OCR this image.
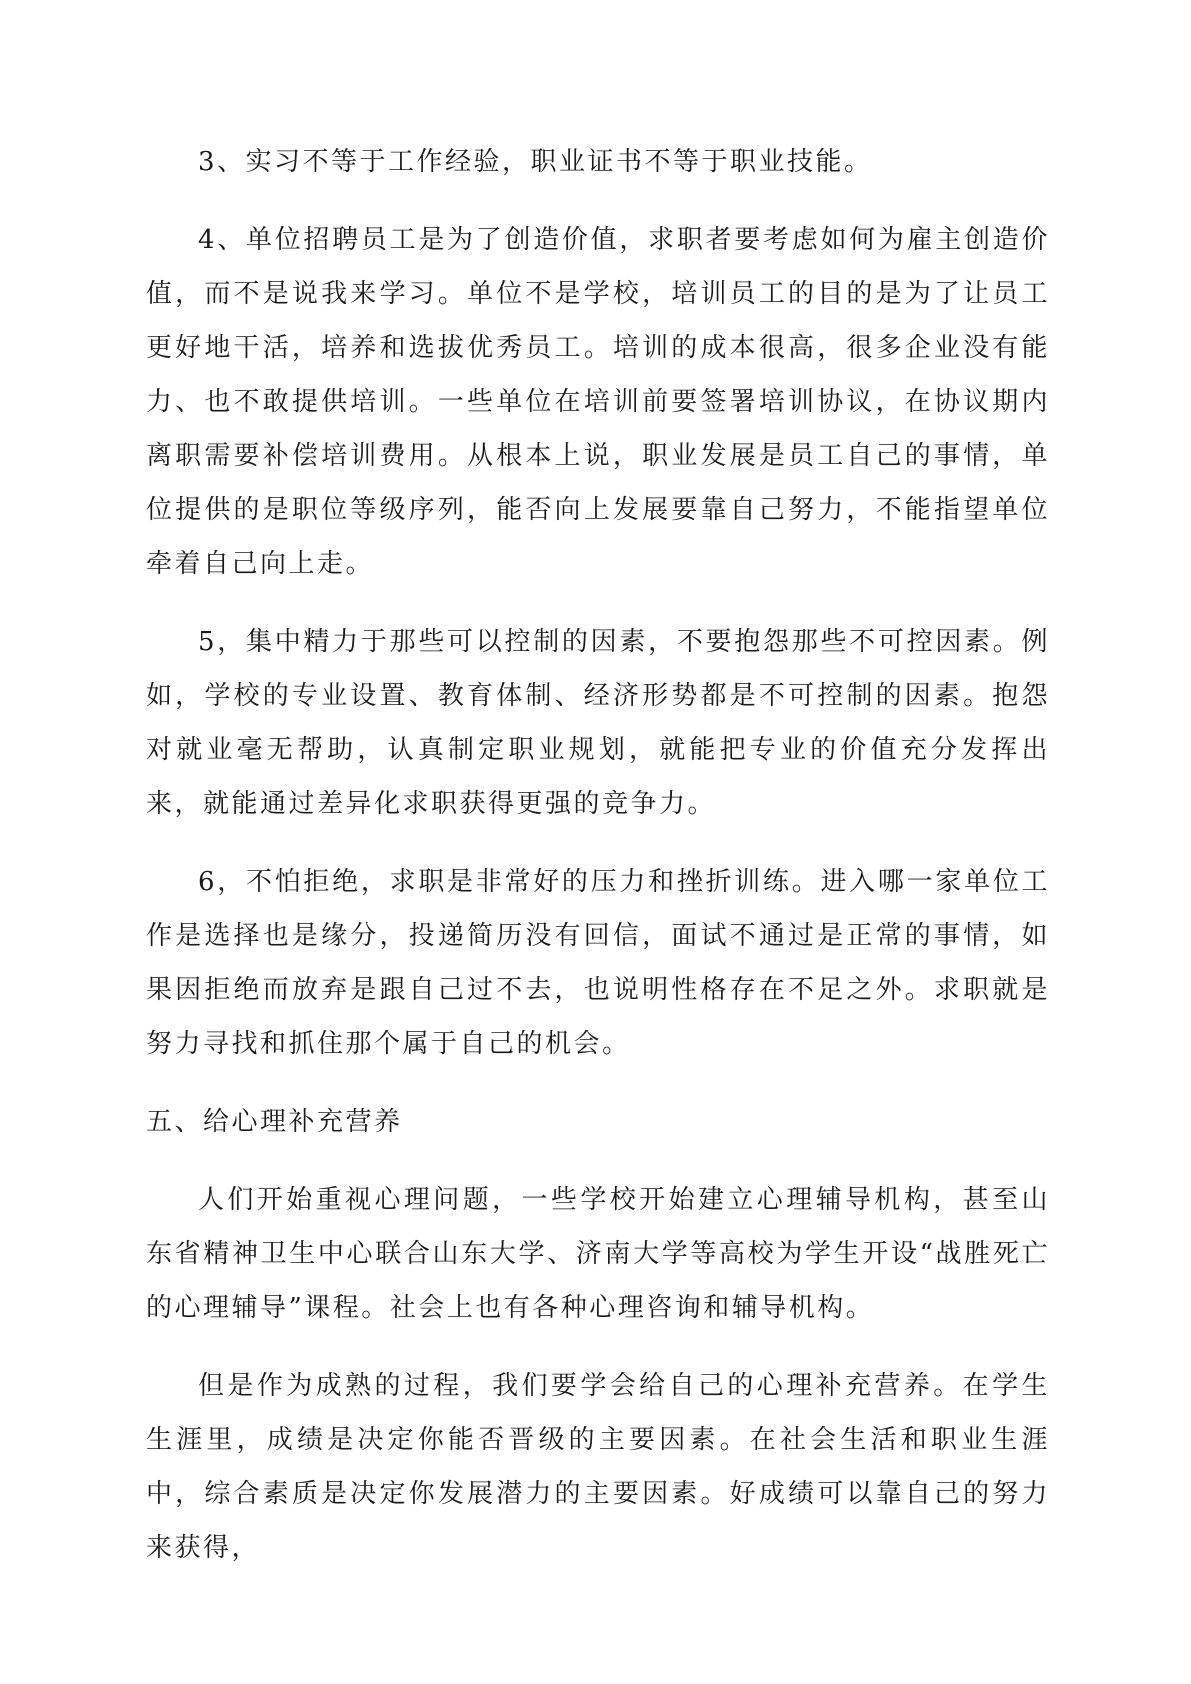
3、实习不等于工作经验，职业证书不等于职业技能。

4、单位招聘员工是为了创造价值，求职者要考虑如何为雇主创造价值，而不是说我来学习。单位不是学校，培训员工的目的是为了让员工更好地干活，培养和选拔优秀员工。培训的成本很高，很多企业没有能力、也不敢提供培训。一些单位在培训前要签署培训协议，在协议期内离职需要补偿培训费用。从根本上说，职业发展是员工自己的事情，单位提供的是职位等级序列，能否向上发展要靠自己努力，不能指望单位牵着自己向上走。

5，集中精力于那些可以控制的因素，不要抱怨那些不可控因素。例如，学校的专业设置、教育体制、经济形势都是不可控制的因素。抱怨对就业毫无帮助，认真制定职业规划，就能把专业的价值充分发挥出来，就能通过差异化求职获得更强的竞争力。

6，不怕拒绝，求职是非常好的压力和挫折训练。进入哪一家单位工作是选择也是缘分，投递简历没有回信，面试不通过是正常的事情，如果因拒绝而放弃是跟自己过不去，也说明性格存在不足之外。求职就是努力寻找和抓住那个属于自己的机会。

五、给心理补充营养

人们开始重视心理问题，一些学校开始建立心理辅导机构，甚至山东省精神卫生中心联合山东大学、济南大学等高校为学生开设“战胜死亡的心理辅导”课程。社会上也有各种心理咨询和辅导机构。

但是作为成熟的过程，我们要学会给自己的心理补充营养。在学生生涯里，成绩是决定你能否晋级的主要因素。在社会生活和职业生涯中，综合素质是决定你发展潜力的主要因素。好成绩可以靠自己的努力来获得，
